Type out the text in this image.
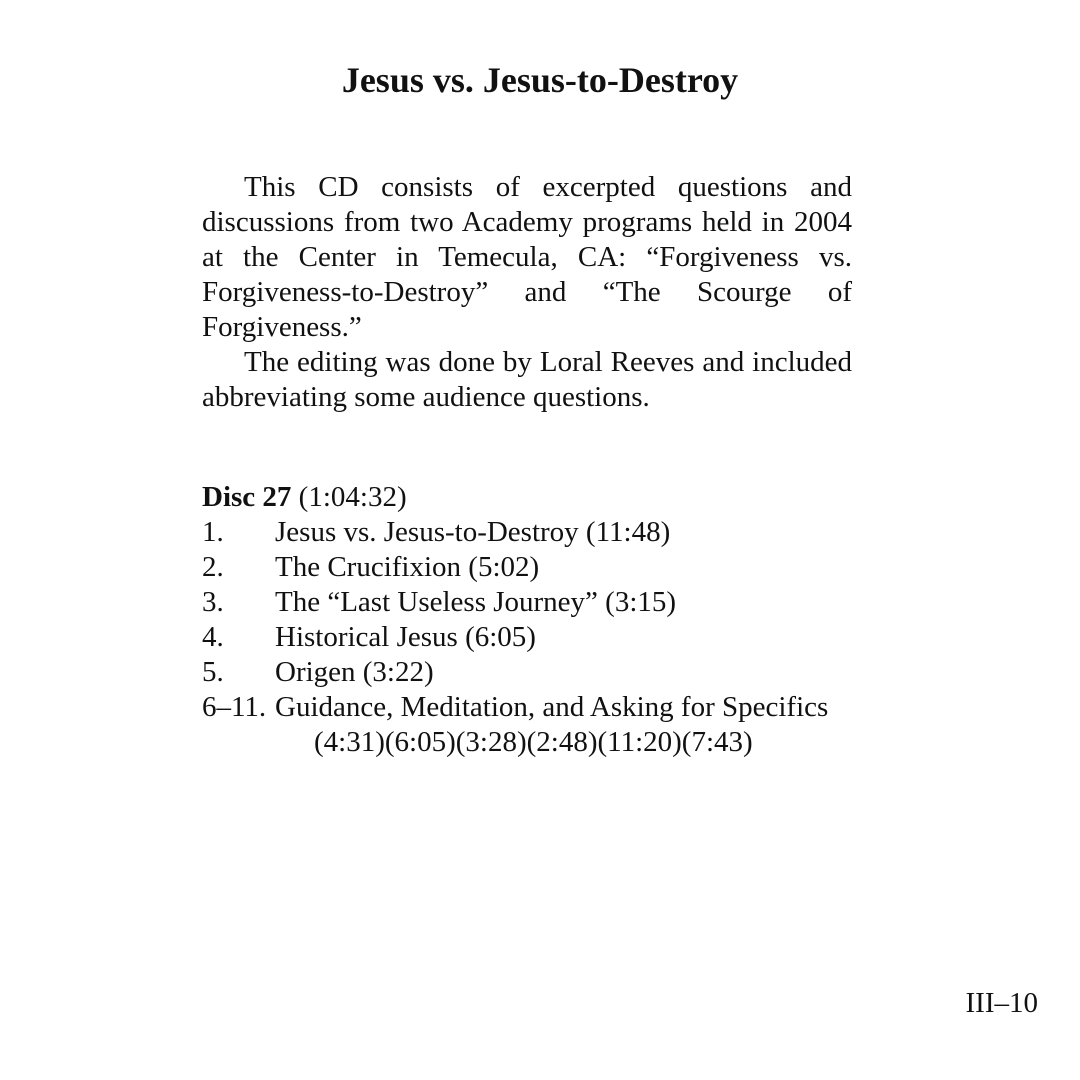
Jesus vs. Jesus-to-Destroy

This CD consists of excerpted questions and discussions from two Academy programs held in 2004 at the Center in Temecula, CA: “Forgiveness vs. Forgiveness-to-Destroy” and “The Scourge of Forgiveness.”

The editing was done by Loral Reeves and included abbreviating some audience questions.

Disc 27 (1:04:32)

1.	Jesus vs. Jesus-to-Destroy (11:48)
2.	The Crucifixion (5:02)
3.	The “Last Useless Journey” (3:15)
4.	Historical Jesus (6:05)
5.	Origen (3:22)
6–11. Guidance, Meditation, and Asking for Specifics

(4:31)(6:05)(3:28)(2:48)(11:20)(7:43)

III–10
